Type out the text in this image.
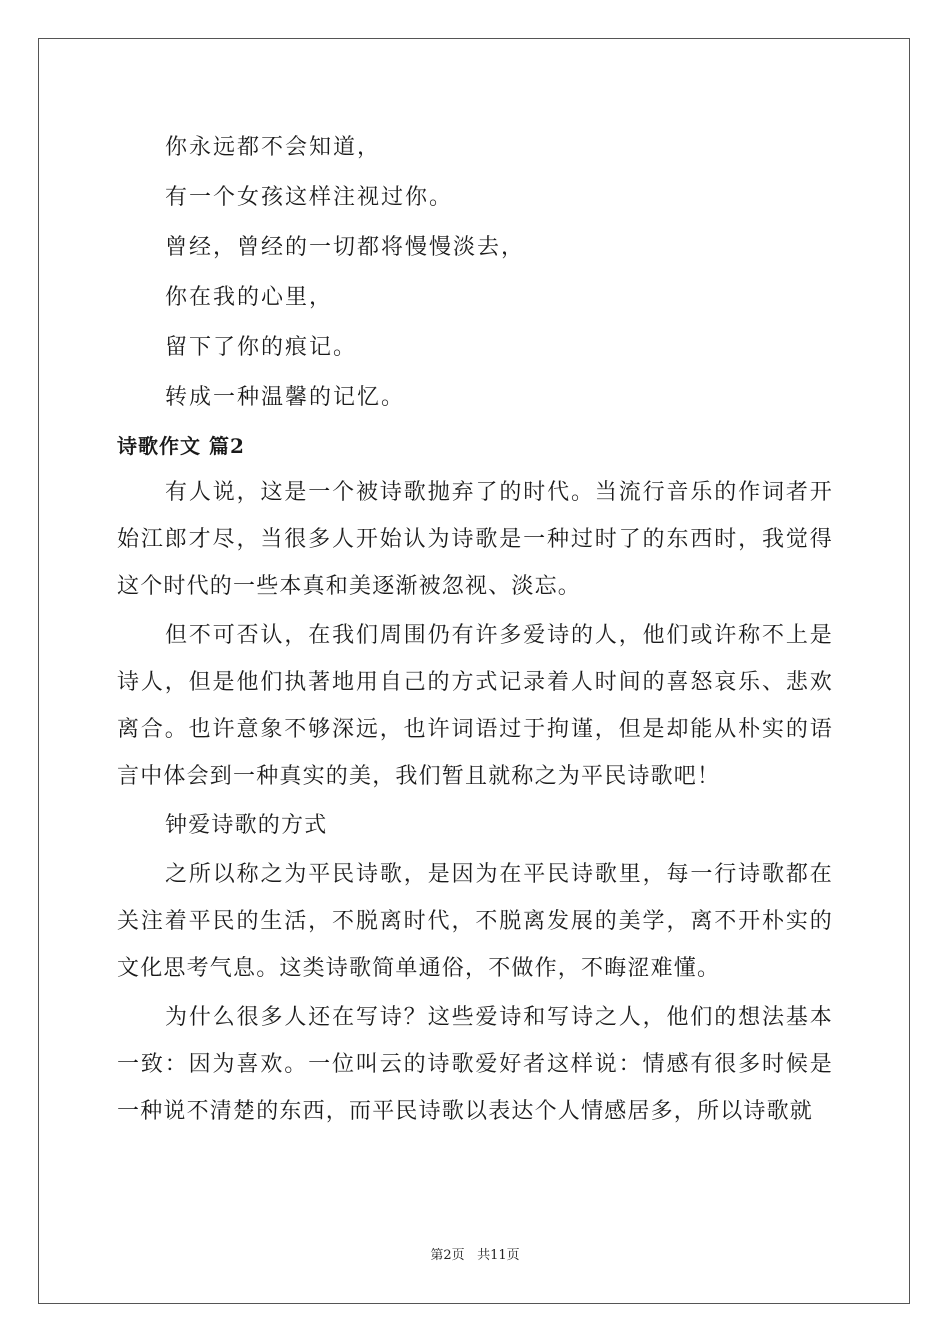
你永远都不会知道，

有一个女孩这样注视过你。

曾经，曾经的一切都将慢慢淡去，

你在我的心里，

留下了你的痕记。

转成一种温馨的记忆。

诗歌作文 篇2

有人说，这是一个被诗歌抛弃了的时代。当流行音乐的作词者开始江郎才尽，当很多人开始认为诗歌是一种过时了的东西时，我觉得这个时代的一些本真和美逐渐被忽视、淡忘。

但不可否认，在我们周围仍有许多爱诗的人，他们或许称不上是诗人，但是他们执著地用自己的方式记录着人时间的喜怒哀乐、悲欢离合。也许意象不够深远，也许词语过于拘谨，但是却能从朴实的语言中体会到一种真实的美，我们暂且就称之为平民诗歌吧！

钟爱诗歌的方式

之所以称之为平民诗歌，是因为在平民诗歌里，每一行诗歌都在关注着平民的生活，不脱离时代，不脱离发展的美学，离不开朴实的文化思考气息。这类诗歌简单通俗，不做作，不晦涩难懂。

为什么很多人还在写诗？这些爱诗和写诗之人，他们的想法基本一致：因为喜欢。一位叫云的诗歌爱好者这样说：情感有很多时候是一种说不清楚的东西，而平民诗歌以表达个人情感居多，所以诗歌就

第2页 共11页
